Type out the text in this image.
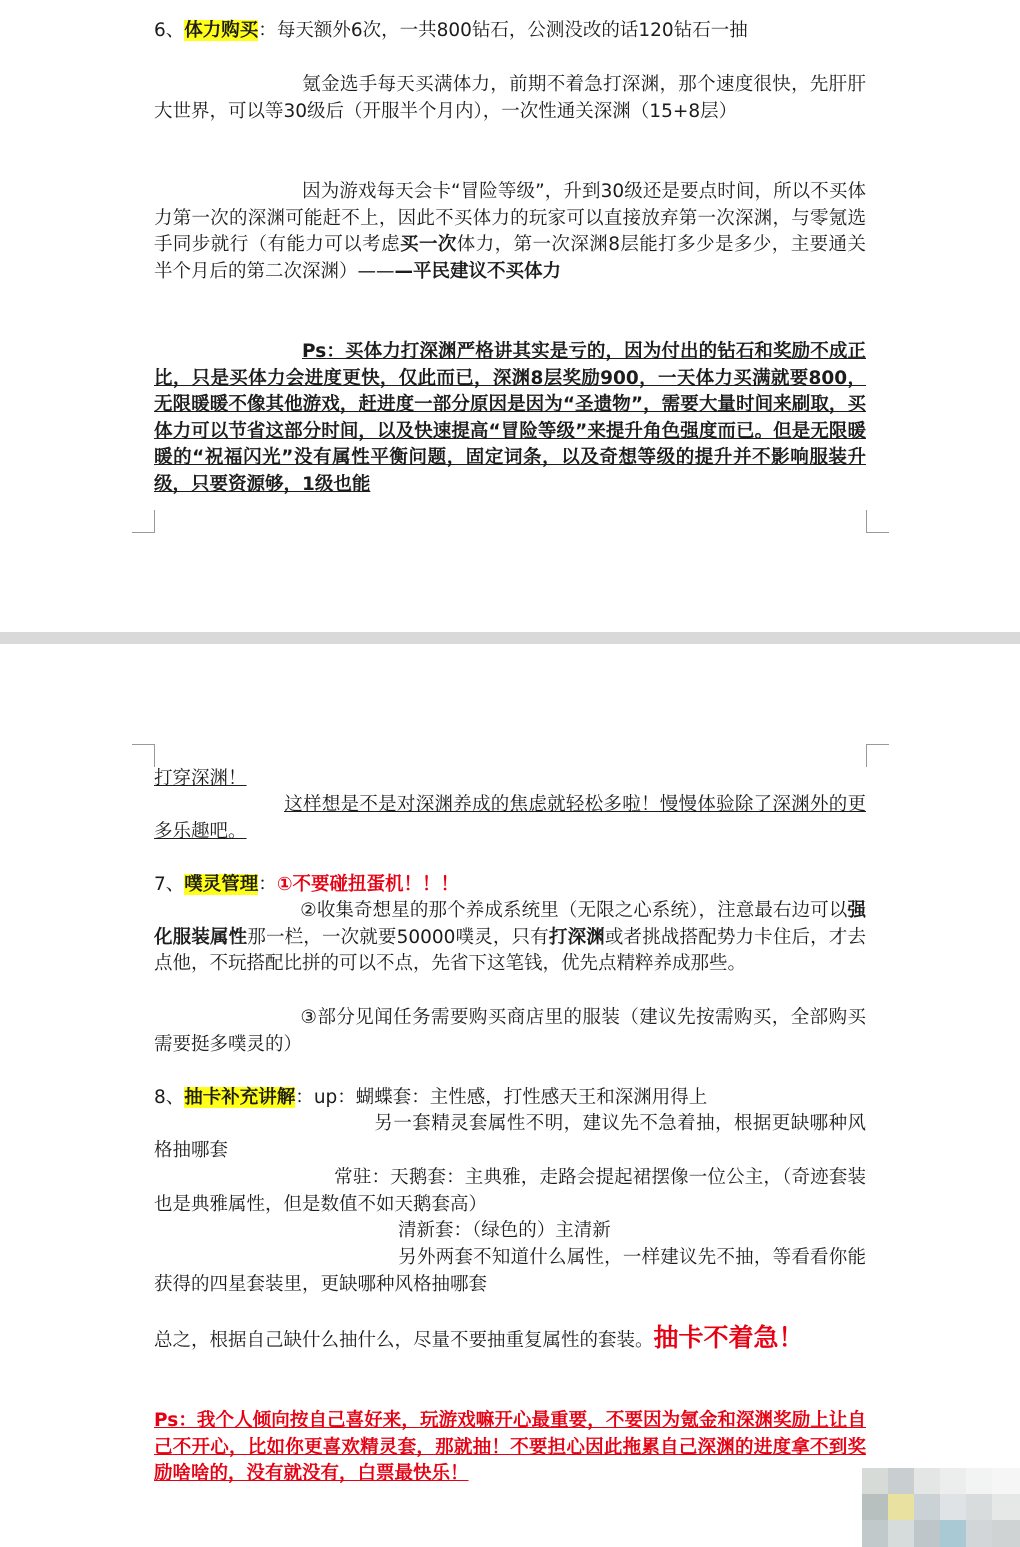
6、体力购买：每天额外6次，一共800钻石，公测没改的话120钻石一抽
氪金选手每天买满体力，前期不着急打深渊，那个速度很快，先肝肝大世界，可以等30级后（开服半个月内），一次性通关深渊（15+8层）
因为游戏每天会卡“冒险等级”，升到30级还是要点时间，所以不买体力第一次的深渊可能赶不上，因此不买体力的玩家可以直接放弃第一次深渊，与零氪选手同步就行（有能力可以考虑买一次体力，第一次深渊8层能打多少是多少，主要通关半个月后的第二次深渊）———平民建议不买体力
Ps：买体力打深渊严格讲其实是亏的，因为付出的钻石和奖励不成正比，只是买体力会进度更快，仅此而已，深渊8层奖励900，一天体力买满就要800，无限暖暖不像其他游戏，赶进度一部分原因是因为“圣遗物”，需要大量时间来刷取，买体力可以节省这部分时间，以及快速提高“冒险等级”来提升角色强度而已。但是无限暖暖的“祝福闪光”没有属性平衡问题，固定词条，以及奇想等级的提升并不影响服装升级，只要资源够，1级也能
打穿深渊！
这样想是不是对深渊养成的焦虑就轻松多啦！慢慢体验除了深渊外的更多乐趣吧。
7、噗灵管理：①不要碰扭蛋机！！！
②收集奇想星的那个养成系统里（无限之心系统），注意最右边可以强化服装属性那一栏，一次就要50000噗灵，只有打深渊或者挑战搭配势力卡住后，才去点他，不玩搭配比拼的可以不点，先省下这笔钱，优先点精粹养成那些。
③部分见闻任务需要购买商店里的服装（建议先按需购买，全部购买需要挺多噗灵的）
8、抽卡补充讲解：up：蝴蝶套：主性感，打性感天王和深渊用得上
另一套精灵套属性不明，建议先不急着抽，根据更缺哪种风格抽哪套
常驻：天鹅套：主典雅，走路会提起裙摆像一位公主，（奇迹套装也是典雅属性，但是数值不如天鹅套高）
清新套：（绿色的）主清新
另外两套不知道什么属性，一样建议先不抽，等看看你能获得的四星套装里，更缺哪种风格抽哪套
总之，根据自己缺什么抽什么，尽量不要抽重复属性的套装。抽卡不着急！
Ps：我个人倾向按自己喜好来，玩游戏嘛开心最重要，不要因为氪金和深渊奖励上让自己不开心，比如你更喜欢精灵套，那就抽！不要担心因此拖累自己深渊的进度拿不到奖励啥啥的，没有就没有，白票最快乐！
